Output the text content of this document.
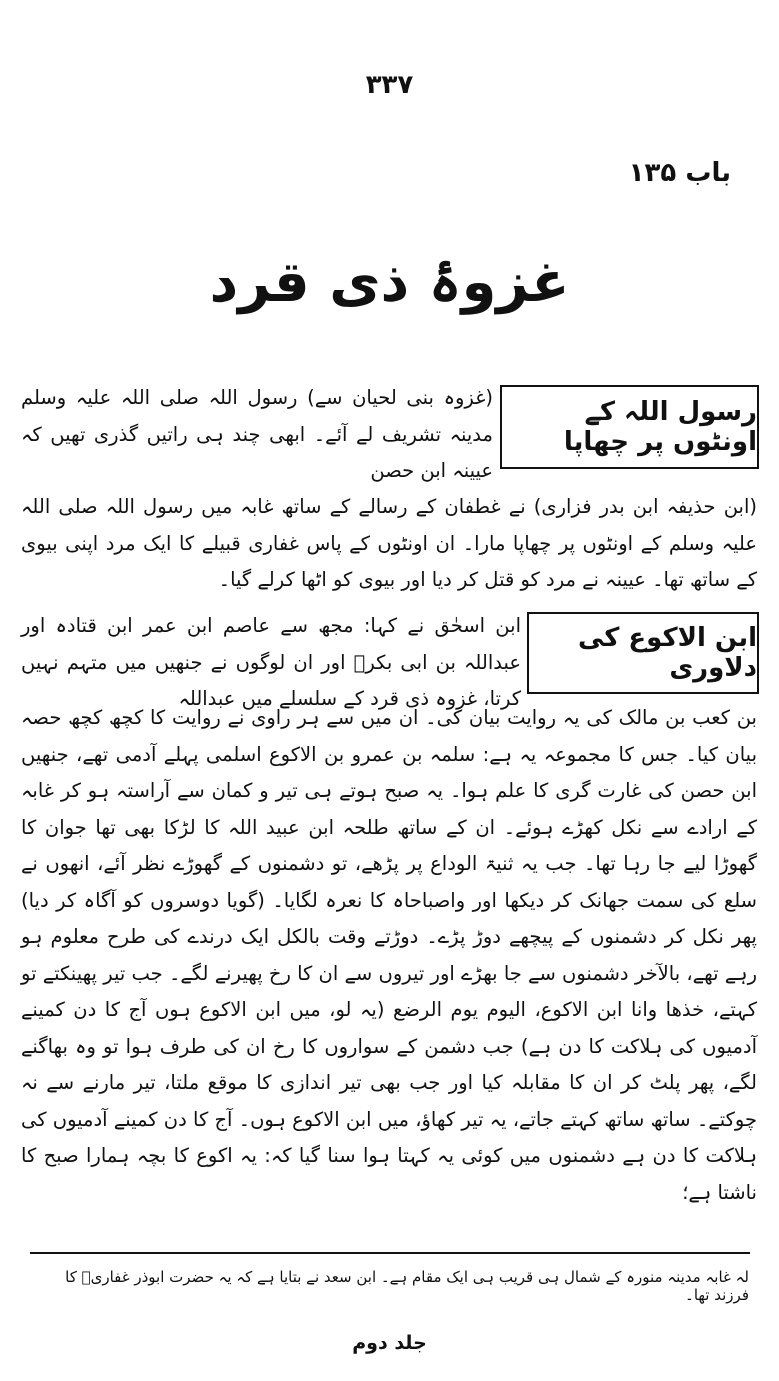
۳۳۷
باب ۱۳۵
غزوۂ ذی قرد
رسول اللہ کے اونٹوں پر چھاپا
(غزوہ بنی لحیان سے) رسول اللہ صلی اللہ علیہ وسلم مدینہ تشریف لے آئے۔ ابھی چند ہی راتیں گذری تھیں کہ عیینہ ابن حصن
(ابن حذیفہ ابن بدر فزاری) نے غطفان کے رسالے کے ساتھ غابہ میں رسول اللہ صلی اللہ علیہ وسلم کے اونٹوں پر چھاپا مارا۔ ان اونٹوں کے پاس غفاری قبیلے کا ایک مرد اپنی بیوی کے ساتھ تھا۔ عیینہ نے مرد کو قتل کر دیا اور بیوی کو اٹھا کرلے گیا۔
ابن الاکوع کی دلاوری
ابن اسحٰق نے کہا: مجھ سے عاصم ابن عمر ابن قتادہ اور عبداللہ بن ابی بکرؓ اور ان لوگوں نے جنھیں میں متہم نہیں کرتا، غزوہ ذی قرد کے سلسلے میں عبداللہ
بن کعب بن مالک کی یہ روایت بیان کی۔ ان میں سے ہر راوی نے روایت کا کچھ کچھ حصہ بیان کیا۔ جس کا مجموعہ یہ ہے: سلمہ بن عمرو بن الاکوع اسلمی پہلے آدمی تھے، جنھیں ابن حصن کی غارت گری کا علم ہوا۔ یہ صبح ہوتے ہی تیر و کمان سے آراستہ ہو کر غابہ کے ارادے سے نکل کھڑے ہوئے۔ ان کے ساتھ طلحہ ابن عبید اللہ کا لڑکا بھی تھا جوان کا گھوڑا لیے جا رہا تھا۔ جب یہ ثنیۃ الوداع پر پڑھے، تو دشمنوں کے گھوڑے نظر آئے، انھوں نے سلع کی سمت جھانک کر دیکھا اور واصباحاہ کا نعرہ لگایا۔ (گویا دوسروں کو آگاہ کر دیا) پھر نکل کر دشمنوں کے پیچھے دوڑ پڑے۔ دوڑتے وقت بالکل ایک درندے کی طرح معلوم ہو رہے تھے، بالآخر دشمنوں سے جا بھڑے اور تیروں سے ان کا رخ پھیرنے لگے۔ جب تیر پھینکتے تو کہتے، خذھا وانا ابن الاکوع، الیوم یوم الرضع (یہ لو، میں ابن الاکوع ہوں آج کا دن کمینے آدمیوں کی ہلاکت کا دن ہے) جب دشمن کے سواروں کا رخ ان کی طرف ہوا تو وہ بھاگنے لگے، پھر پلٹ کر ان کا مقابلہ کیا اور جب بھی تیر اندازی کا موقع ملتا، تیر مارنے سے نہ چوکتے۔ ساتھ ساتھ کہتے جاتے، یہ تیر کھاؤ، میں ابن الاکوع ہوں۔ آج کا دن کمینے آدمیوں کی ہلاکت کا دن ہے دشمنوں میں کوئی یہ کہتا ہوا سنا گیا کہ: یہ اکوع کا بچہ ہمارا صبح کا ناشتا ہے؛
لہ غابہ مدینہ منورہ کے شمال ہی قریب ہی ایک مقام ہے۔ ابن سعد نے بتایا ہے کہ یہ حضرت ابوذر غفاریؓ کا فرزند تھا۔
جلد دوم
